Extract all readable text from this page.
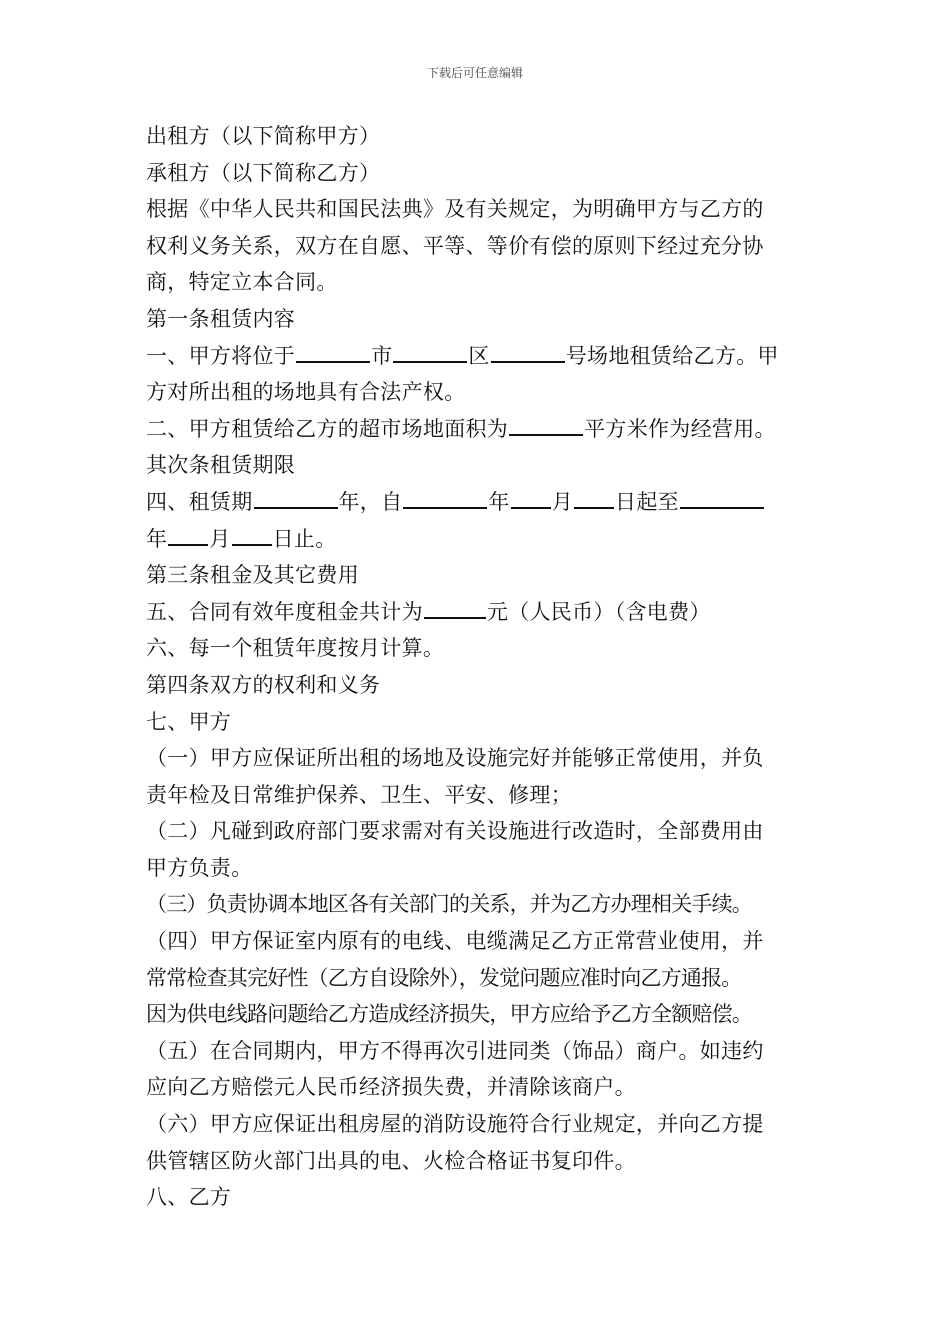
下载后可任意编辑
出租方（以下简称甲方）
承租方（以下简称乙方）
根据《中华人民共和国民法典》及有关规定，为明确甲方与乙方的
权利义务关系，双方在自愿、平等、等价有偿的原则下经过充分协
商，特定立本合同。
第一条租赁内容
一、甲方将位于	市	区	号场地租赁给乙方。甲
方对所出租的场地具有合法产权。
二、甲方租赁给乙方的超市场地面积为	平方米作为经营用。
其次条租赁期限
四、租赁期	年，自	年 月 日起至
年 月 日止。
第三条租金及其它费用
五、合同有效年度租金共计为	元（人民币）（含电费）
六、每一个租赁年度按月计算。
第四条双方的权利和义务
七、甲方
（一）甲方应保证所出租的场地及设施完好并能够正常使用，并负
责年检及日常维护保养、卫生、平安、修理；
（二）凡碰到政府部门要求需对有关设施进行改造时，全部费用由
甲方负责。
（三）负责协调本地区各有关部门的关系，并为乙方办理相关手续。
（四）甲方保证室内原有的电线、电缆满足乙方正常营业使用，并
常常检查其完好性（乙方自设除外），发觉问题应准时向乙方通报。
因为供电线路问题给乙方造成经济损失，甲方应给予乙方全额赔偿。
（五）在合同期内，甲方不得再次引进同类（饰品）商户。如违约
应向乙方赔偿元人民币经济损失费，并清除该商户。
（六）甲方应保证出租房屋的消防设施符合行业规定，并向乙方提
供管辖区防火部门出具的电、火检合格证书复印件。
八、乙方
